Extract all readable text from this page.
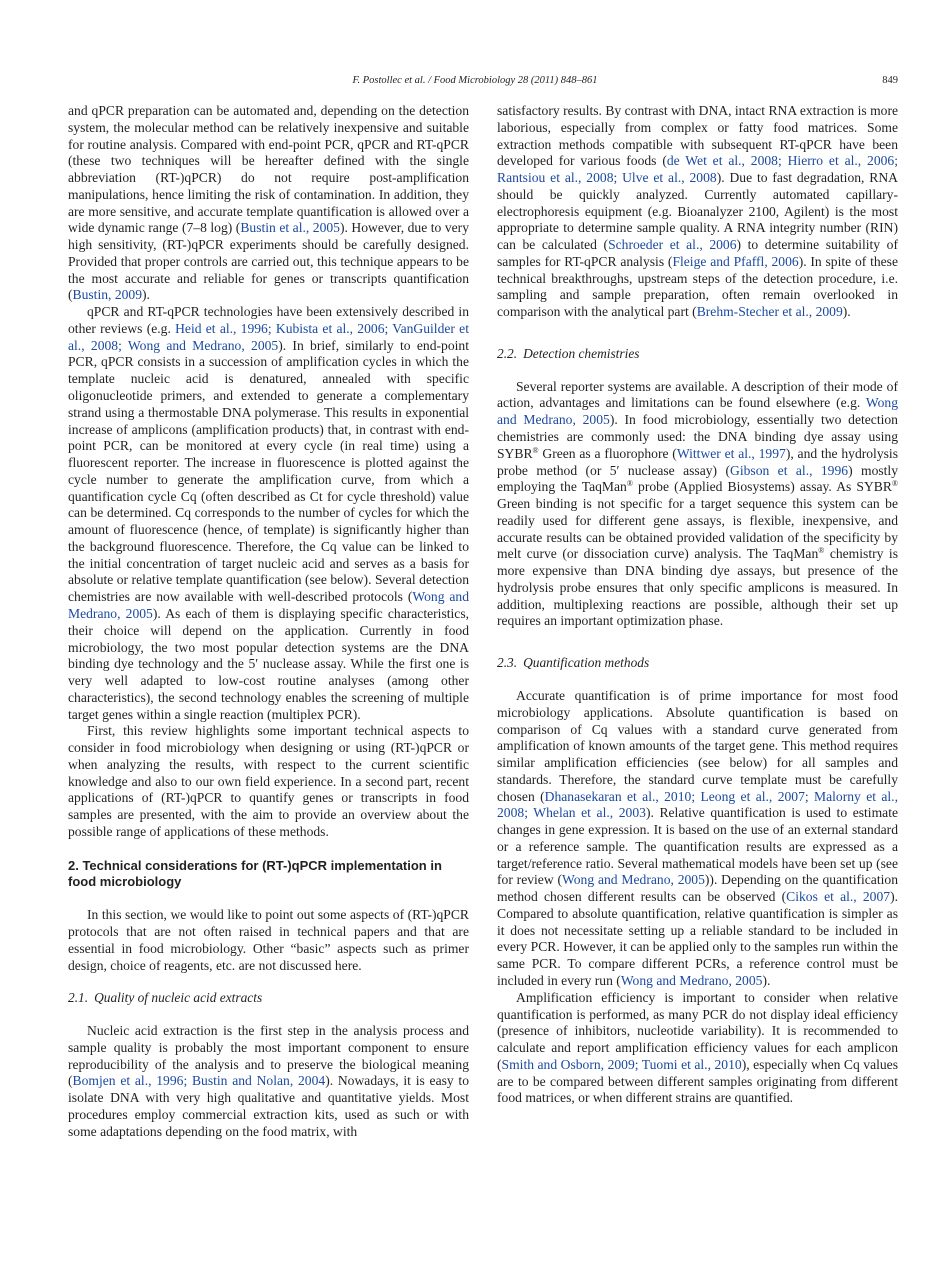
F. Postollec et al. / Food Microbiology 28 (2011) 848–861	849

and qPCR preparation can be automated and, depending on the detection system, the molecular method can be relatively inexpensive and suitable for routine analysis. Compared with end-point PCR, qPCR and RT-qPCR (these two techniques will be hereafter defined with the single abbreviation (RT-)qPCR) do not require post-amplification manipulations, hence limiting the risk of contamination. In addition, they are more sensitive, and accurate template quantification is allowed over a wide dynamic range (7–8 log) (Bustin et al., 2005). However, due to very high sensitivity, (RT-)qPCR experiments should be carefully designed. Provided that proper controls are carried out, this technique appears to be the most accurate and reliable for genes or transcripts quantification (Bustin, 2009).

qPCR and RT-qPCR technologies have been extensively described in other reviews (e.g. Heid et al., 1996; Kubista et al., 2006; VanGuilder et al., 2008; Wong and Medrano, 2005). In brief, similarly to end-point PCR, qPCR consists in a succession of amplification cycles in which the template nucleic acid is denatured, annealed with specific oligonucleotide primers, and extended to generate a complementary strand using a thermostable DNA polymerase. This results in exponential increase of amplicons (amplification products) that, in contrast with end-point PCR, can be monitored at every cycle (in real time) using a fluorescent reporter. The increase in fluorescence is plotted against the cycle number to generate the amplification curve, from which a quantification cycle Cq (often described as Ct for cycle threshold) value can be determined. Cq corresponds to the number of cycles for which the amount of fluorescence (hence, of template) is significantly higher than the background fluorescence. Therefore, the Cq value can be linked to the initial concentration of target nucleic acid and serves as a basis for absolute or relative template quantification (see below). Several detection chemistries are now available with well-described protocols (Wong and Medrano, 2005). As each of them is displaying specific characteristics, their choice will depend on the application. Currently in food microbiology, the two most popular detection systems are the DNA binding dye technology and the 5′ nuclease assay. While the first one is very well adapted to low-cost routine analyses (among other characteristics), the second technology enables the screening of multiple target genes within a single reaction (multiplex PCR).

First, this review highlights some important technical aspects to consider in food microbiology when designing or using (RT-)qPCR or when analyzing the results, with respect to the current scientific knowledge and also to our own field experience. In a second part, recent applications of (RT-)qPCR to quantify genes or transcripts in food samples are presented, with the aim to provide an overview about the possible range of applications of these methods.

2. Technical considerations for (RT-)qPCR implementation in food microbiology

In this section, we would like to point out some aspects of (RT-)qPCR protocols that are not often raised in technical papers and that are essential in food microbiology. Other “basic” aspects such as primer design, choice of reagents, etc. are not discussed here.

2.1. Quality of nucleic acid extracts

Nucleic acid extraction is the first step in the analysis process and sample quality is probably the most important component to ensure reproducibility of the analysis and to preserve the biological meaning (Bomjen et al., 1996; Bustin and Nolan, 2004). Nowadays, it is easy to isolate DNA with very high qualitative and quantitative yields. Most procedures employ commercial extraction kits, used as such or with some adaptations depending on the food matrix, with

satisfactory results. By contrast with DNA, intact RNA extraction is more laborious, especially from complex or fatty food matrices. Some extraction methods compatible with subsequent RT-qPCR have been developed for various foods (de Wet et al., 2008; Hierro et al., 2006; Rantsiou et al., 2008; Ulve et al., 2008). Due to fast degradation, RNA should be quickly analyzed. Currently automated capillary-electrophoresis equipment (e.g. Bioanalyzer 2100, Agilent) is the most appropriate to determine sample quality. A RNA integrity number (RIN) can be calculated (Schroeder et al., 2006) to determine suitability of samples for RT-qPCR analysis (Fleige and Pfaffl, 2006). In spite of these technical breakthroughs, upstream steps of the detection procedure, i.e. sampling and sample preparation, often remain overlooked in comparison with the analytical part (Brehm-Stecher et al., 2009).

2.2. Detection chemistries

Several reporter systems are available. A description of their mode of action, advantages and limitations can be found elsewhere (e.g. Wong and Medrano, 2005). In food microbiology, essentially two detection chemistries are commonly used: the DNA binding dye assay using SYBR® Green as a fluorophore (Wittwer et al., 1997), and the hydrolysis probe method (or 5′ nuclease assay) (Gibson et al., 1996) mostly employing the TaqMan® probe (Applied Biosystems) assay. As SYBR® Green binding is not specific for a target sequence this system can be readily used for different gene assays, is flexible, inexpensive, and accurate results can be obtained provided validation of the specificity by melt curve (or dissociation curve) analysis. The TaqMan® chemistry is more expensive than DNA binding dye assays, but presence of the hydrolysis probe ensures that only specific amplicons is measured. In addition, multiplexing reactions are possible, although their set up requires an important optimization phase.

2.3. Quantification methods

Accurate quantification is of prime importance for most food microbiology applications. Absolute quantification is based on comparison of Cq values with a standard curve generated from amplification of known amounts of the target gene. This method requires similar amplification efficiencies (see below) for all samples and standards. Therefore, the standard curve template must be carefully chosen (Dhanasekaran et al., 2010; Leong et al., 2007; Malorny et al., 2008; Whelan et al., 2003). Relative quantification is used to estimate changes in gene expression. It is based on the use of an external standard or a reference sample. The quantification results are expressed as a target/reference ratio. Several mathematical models have been set up (see for review (Wong and Medrano, 2005)). Depending on the quantification method chosen different results can be observed (Cikos et al., 2007). Compared to absolute quantification, relative quantification is simpler as it does not necessitate setting up a reliable standard to be included in every PCR. However, it can be applied only to the samples run within the same PCR. To compare different PCRs, a reference control must be included in every run (Wong and Medrano, 2005).

Amplification efficiency is important to consider when relative quantification is performed, as many PCR do not display ideal efficiency (presence of inhibitors, nucleotide variability). It is recommended to calculate and report amplification efficiency values for each amplicon (Smith and Osborn, 2009; Tuomi et al., 2010), especially when Cq values are to be compared between different samples originating from different food matrices, or when different strains are quantified.
